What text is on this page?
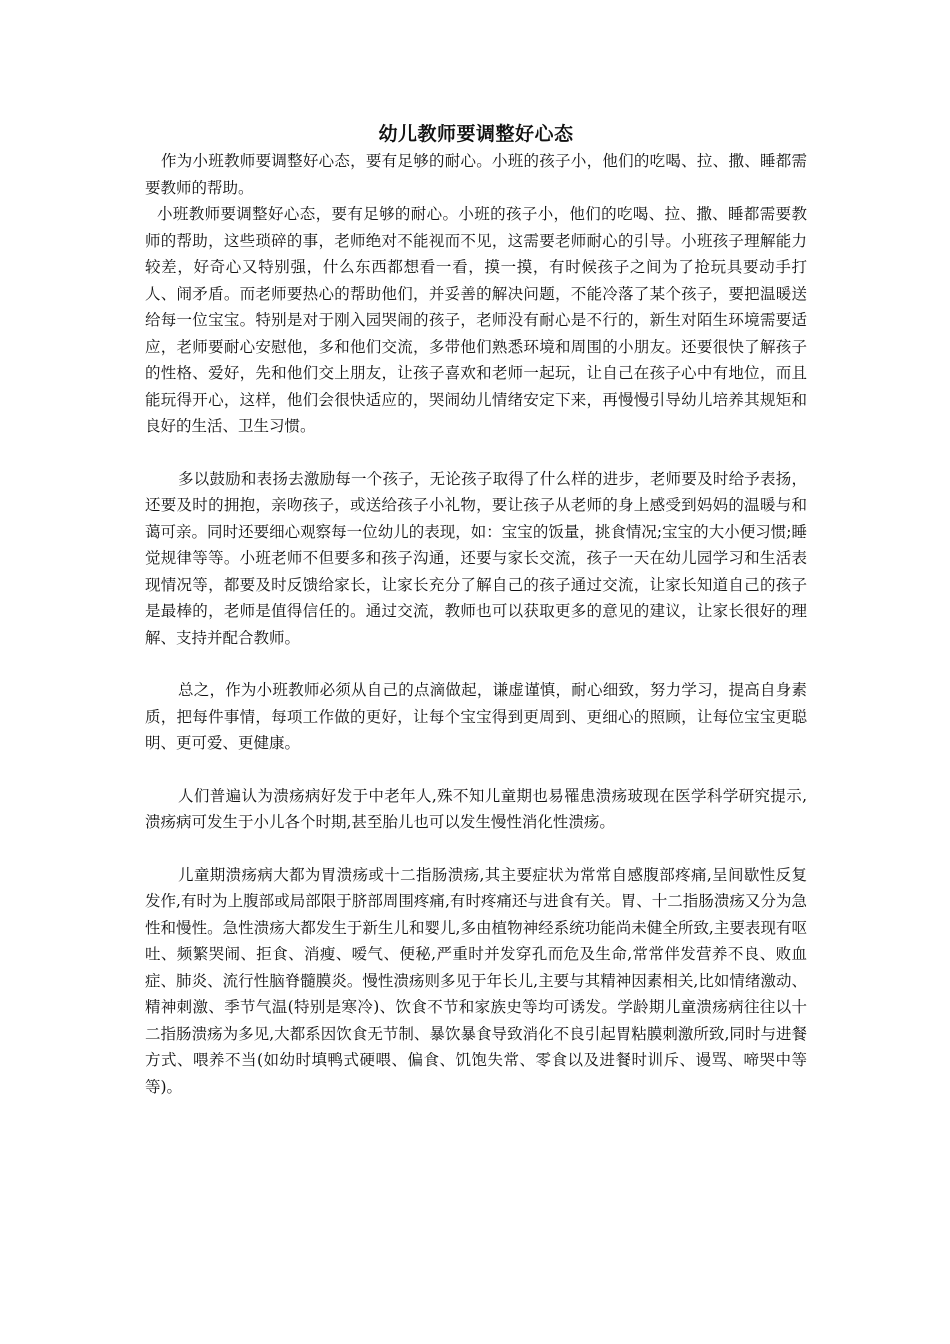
幼儿教师要调整好心态

作为小班教师要调整好心态，要有足够的耐心。小班的孩子小，他们的吃喝、拉、撒、睡都需要教师的帮助。

小班教师要调整好心态，要有足够的耐心。小班的孩子小，他们的吃喝、拉、撒、睡都需要教师的帮助，这些琐碎的事，老师绝对不能视而不见，这需要老师耐心的引导。小班孩子理解能力较差，好奇心又特别强，什么东西都想看一看，摸一摸，有时候孩子之间为了抢玩具要动手打人、闹矛盾。而老师要热心的帮助他们，并妥善的解决问题，不能冷落了某个孩子，要把温暖送给每一位宝宝。特别是对于刚入园哭闹的孩子，老师没有耐心是不行的，新生对陌生环境需要适应，老师要耐心安慰他，多和他们交流，多带他们熟悉环境和周围的小朋友。还要很快了解孩子的性格、爱好，先和他们交上朋友，让孩子喜欢和老师一起玩，让自己在孩子心中有地位，而且能玩得开心，这样，他们会很快适应的，哭闹幼儿情绪安定下来，再慢慢引导幼儿培养其规矩和良好的生活、卫生习惯。

多以鼓励和表扬去激励每一个孩子，无论孩子取得了什么样的进步，老师要及时给予表扬，还要及时的拥抱，亲吻孩子，或送给孩子小礼物，要让孩子从老师的身上感受到妈妈的温暖与和蔼可亲。同时还要细心观察每一位幼儿的表现，如：宝宝的饭量，挑食情况;宝宝的大小便习惯;睡觉规律等等。小班老师不但要多和孩子沟通，还要与家长交流，孩子一天在幼儿园学习和生活表现情况等，都要及时反馈给家长，让家长充分了解自己的孩子通过交流，让家长知道自己的孩子是最棒的，老师是值得信任的。通过交流，教师也可以获取更多的意见的建议，让家长很好的理解、支持并配合教师。

总之，作为小班教师必须从自己的点滴做起，谦虚谨慎，耐心细致，努力学习，提高自身素质，把每件事情，每项工作做的更好，让每个宝宝得到更周到、更细心的照顾，让每位宝宝更聪明、更可爱、更健康。

人们普遍认为溃疡病好发于中老年人,殊不知儿童期也易罹患溃疡玻现在医学科学研究提示,溃疡病可发生于小儿各个时期,甚至胎儿也可以发生慢性消化性溃疡。

儿童期溃疡病大都为胃溃疡或十二指肠溃疡,其主要症状为常常自感腹部疼痛,呈间歇性反复发作,有时为上腹部或局部限于脐部周围疼痛,有时疼痛还与进食有关。胃、十二指肠溃疡又分为急性和慢性。急性溃疡大都发生于新生儿和婴儿,多由植物神经系统功能尚未健全所致,主要表现有呕吐、频繁哭闹、拒食、消瘦、嗳气、便秘,严重时并发穿孔而危及生命,常常伴发营养不良、败血症、肺炎、流行性脑脊髓膜炎。慢性溃疡则多见于年长儿,主要与其精神因素相关,比如情绪激动、精神刺激、季节气温(特别是寒冷)、饮食不节和家族史等均可诱发。学龄期儿童溃疡病往往以十二指肠溃疡为多见,大都系因饮食无节制、暴饮暴食导致消化不良引起胃粘膜刺激所致,同时与进餐方式、喂养不当(如幼时填鸭式硬喂、偏食、饥饱失常、零食以及进餐时训斥、谩骂、啼哭中等等)。
